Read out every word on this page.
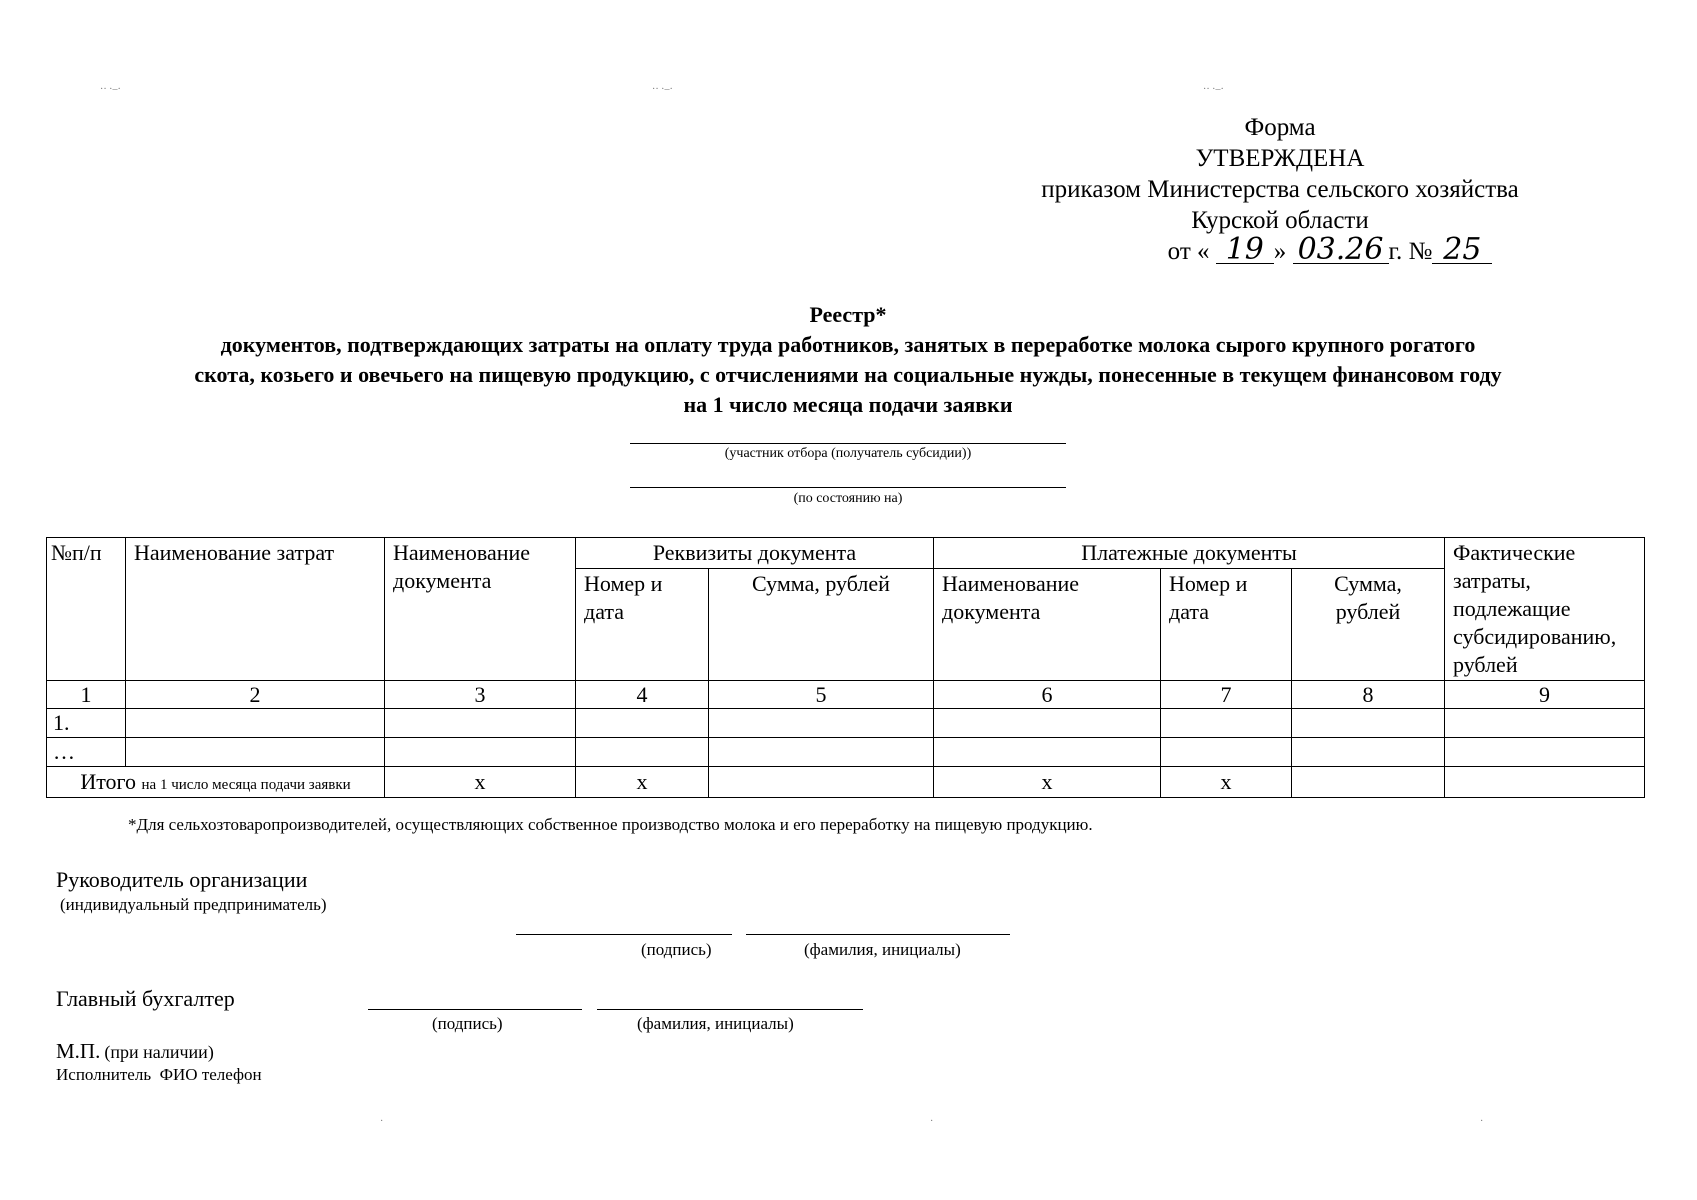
·· ·–·	·· ·–·	·· ·–·
Форма
УТВЕРЖДЕНА
приказом Министерства сельского хозяйства
Курской области
от « 19 » 03.26 г. № 25
Реестр*
документов, подтверждающих затраты на оплату труда работников, занятых в переработке молока сырого крупного рогатого
скота, козьего и овечьего на пищевую продукцию, с отчислениями на социальные нужды, понесенные в текущем финансовом году
на 1 число месяца подачи заявки
(участник отбора (получатель субсидии))
(по состоянию на)
№п/п	Наименование затрат	Наименование документа	Реквизиты документа		Платежные документы			Фактические затраты, подлежащие субсидированию, рублей
			Номер и дата	Сумма, рублей	Наименование документа	Номер и дата	Сумма, рублей	
1	2	3	4	5	6	7	8	9
1.								
…								
Итого на 1 число месяца подачи заявки		х	х		х	х		
*Для сельхозтоваропроизводителей, осуществляющих собственное производство молока и его переработку на пищевую продукцию.
Руководитель организации
(индивидуальный предприниматель)
(подпись)	(фамилия, инициалы)
Главный бухгалтер
(подпись)	(фамилия, инициалы)
М.П. (при наличии)
Исполнитель  ФИО телефон
·	·	·
